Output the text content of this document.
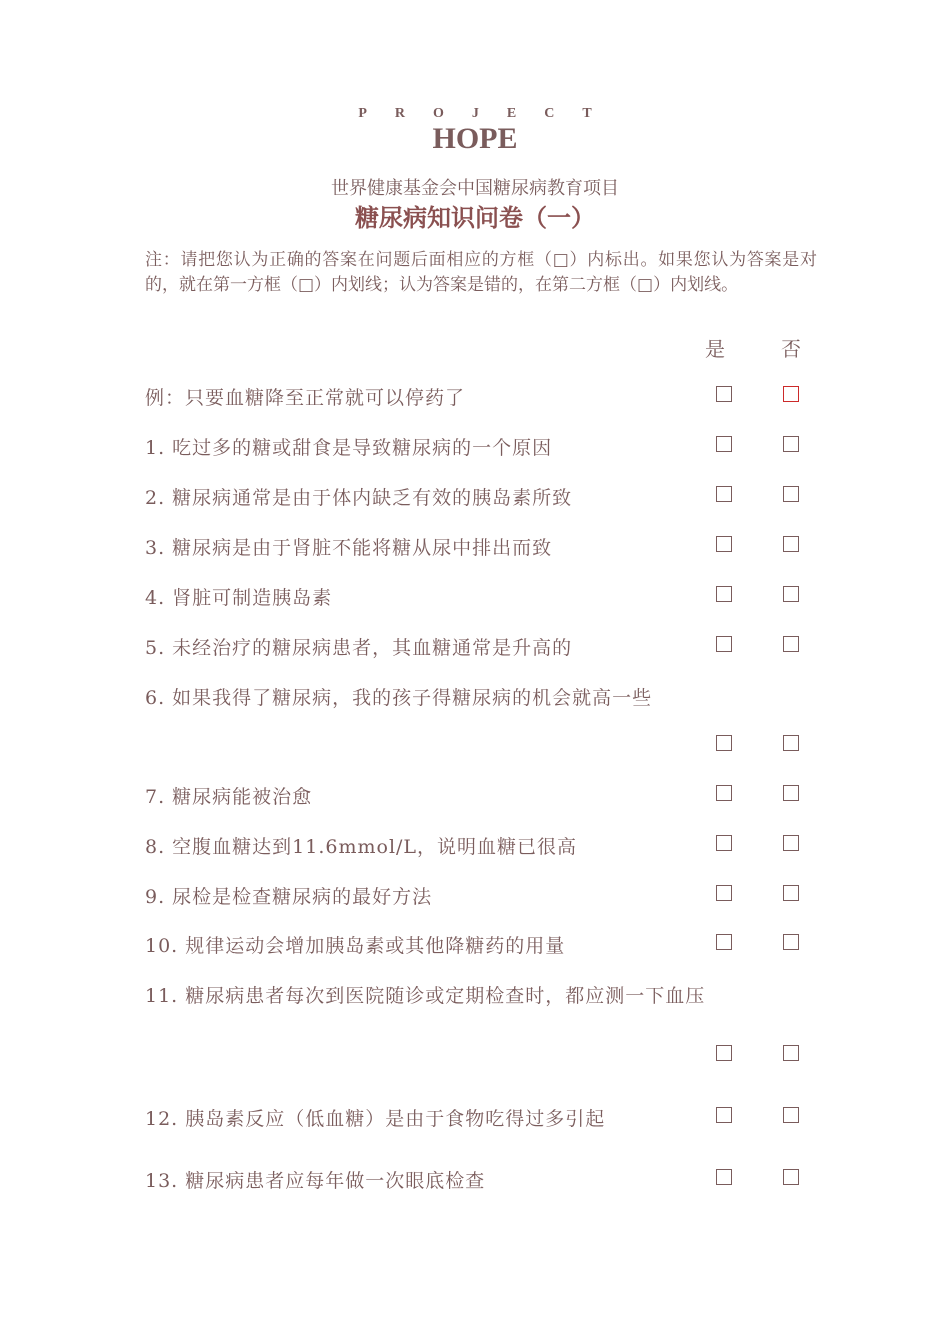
PROJECT
HOPE
世界健康基金会中国糖尿病教育项目
糖尿病知识问卷（一）
注：请把您认为正确的答案在问题后面相应的方框（□）内标出。如果您认为答案是对的，就在第一方框（□）内划线；认为答案是错的，在第二方框（□）内划线。
是	否
例：只要血糖降至正常就可以停药了
1. 吃过多的糖或甜食是导致糖尿病的一个原因
2. 糖尿病通常是由于体内缺乏有效的胰岛素所致
3. 糖尿病是由于肾脏不能将糖从尿中排出而致
4. 肾脏可制造胰岛素
5. 未经治疗的糖尿病患者，其血糖通常是升高的
6. 如果我得了糖尿病，我的孩子得糖尿病的机会就高一些
7. 糖尿病能被治愈
8. 空腹血糖达到11.6mmol/L，说明血糖已很高
9. 尿检是检查糖尿病的最好方法
10. 规律运动会增加胰岛素或其他降糖药的用量
11. 糖尿病患者每次到医院随诊或定期检查时，都应测一下血压
12. 胰岛素反应（低血糖）是由于食物吃得过多引起
13. 糖尿病患者应每年做一次眼底检查
